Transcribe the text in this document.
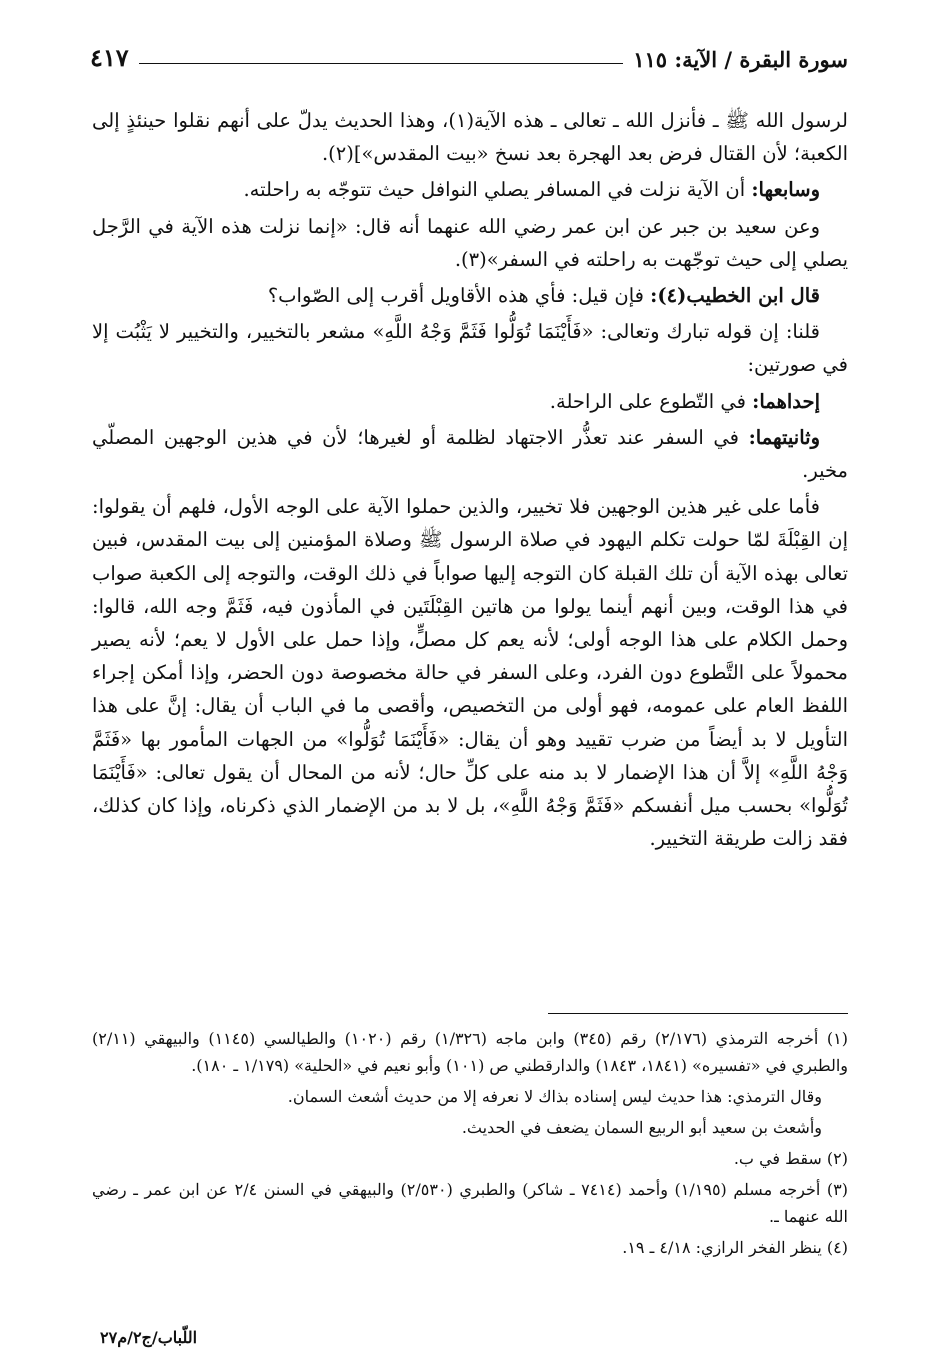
سورة البقرة / الآية: ١١٥
٤١٧

لرسول الله ﷺ ـ فأنزل الله ـ تعالى ـ هذه الآية(١)، وهذا الحديث يدلّ على أنهم نقلوا حينئذٍ إلى الكعبة؛ لأن القتال فرض بعد الهجرة بعد نسخ «بيت المقدس»](٢).

وسابعها: أن الآية نزلت في المسافر يصلي النوافل حيث تتوجّه به راحلته.

وعن سعيد بن جبر عن ابن عمر رضي الله عنهما أنه قال: «إنما نزلت هذه الآية في الرَّجل يصلي إلى حيث توجّهت به راحلته في السفر»(٣).

قال ابن الخطيب(٤): فإن قيل: فأي هذه الأقاويل أقرب إلى الصّواب؟

قلنا: إن قوله تبارك وتعالى: «فَأَيْنَمَا تُوَلُّوا فَثَمَّ وَجْهُ اللَّهِ» مشعر بالتخيير، والتخيير لا يَثْبُت إلا في صورتين:

إحداهما: في التّطوع على الراحلة.

وثانيتهما: في السفر عند تعذُّر الاجتهاد لظلمة أو لغيرها؛ لأن في هذين الوجهين المصلّي مخير.

فأما على غير هذين الوجهين فلا تخيير، والذين حملوا الآية على الوجه الأول، فلهم أن يقولوا: إن القِبْلَةَ لمّا حولت تكلم اليهود في صلاة الرسول ﷺ وصلاة المؤمنين إلى بيت المقدس، فبين تعالى بهذه الآية أن تلك القبلة كان التوجه إليها صواباً في ذلك الوقت، والتوجه إلى الكعبة صواب في هذا الوقت، وبين أنهم أينما يولوا من هاتين القِبْلَتَين في المأذون فيه، فَثَمَّ وجه الله، قالوا: وحمل الكلام على هذا الوجه أولى؛ لأنه يعم كل مصلٍّ، وإذا حمل على الأول لا يعم؛ لأنه يصير محمولاً على التَّطوع دون الفرد، وعلى السفر في حالة مخصوصة دون الحضر، وإذا أمكن إجراء اللفظ العام على عمومه، فهو أولى من التخصيص، وأقصى ما في الباب أن يقال: إنَّ على هذا التأويل لا بد أيضاً من ضرب تقييد وهو أن يقال: «فَأَيْنَمَا تُوَلُّوا» من الجهات المأمور بها «فَثَمَّ وَجْهُ اللَّهِ» إلاَّ أن هذا الإضمار لا بد منه على كلِّ حال؛ لأنه من المحال أن يقول تعالى: «فَأَيْنَمَا تُوَلُّوا» بحسب ميل أنفسكم «فَثَمَّ وَجْهُ اللَّهِ»، بل لا بد من الإضمار الذي ذكرناه، وإذا كان كذلك، فقد زالت طريقة التخيير.

(١) أخرجه الترمذي (٢/١٧٦) رقم (٣٤٥) وابن ماجه (١/٣٢٦) رقم (١٠٢٠) والطيالسي (١١٤٥) والبيهقي (٢/١١) والطبري في «تفسيره» (١٨٤١، ١٨٤٣) والدارقطني ص (١٠١) وأبو نعيم في «الحلية» (١/١٧٩ ـ ١٨٠).

وقال الترمذي: هذا حديث ليس إسناده بذاك لا نعرفه إلا من حديث أشعث السمان.

وأشعث بن سعيد أبو الربيع السمان يضعف في الحديث.

(٢) سقط في ب.

(٣) أخرجه مسلم (١/١٩٥) وأحمد (٧٤١٤ ـ شاكر) والطبري (٢/٥٣٠) والبيهقي في السنن ٢/٤ عن ابن عمر ـ رضي الله عنهما ـ.

(٤) ينظر الفخر الرازي: ٤/١٨ ـ ١٩.

اللّباب/ج٢/م٢٧
